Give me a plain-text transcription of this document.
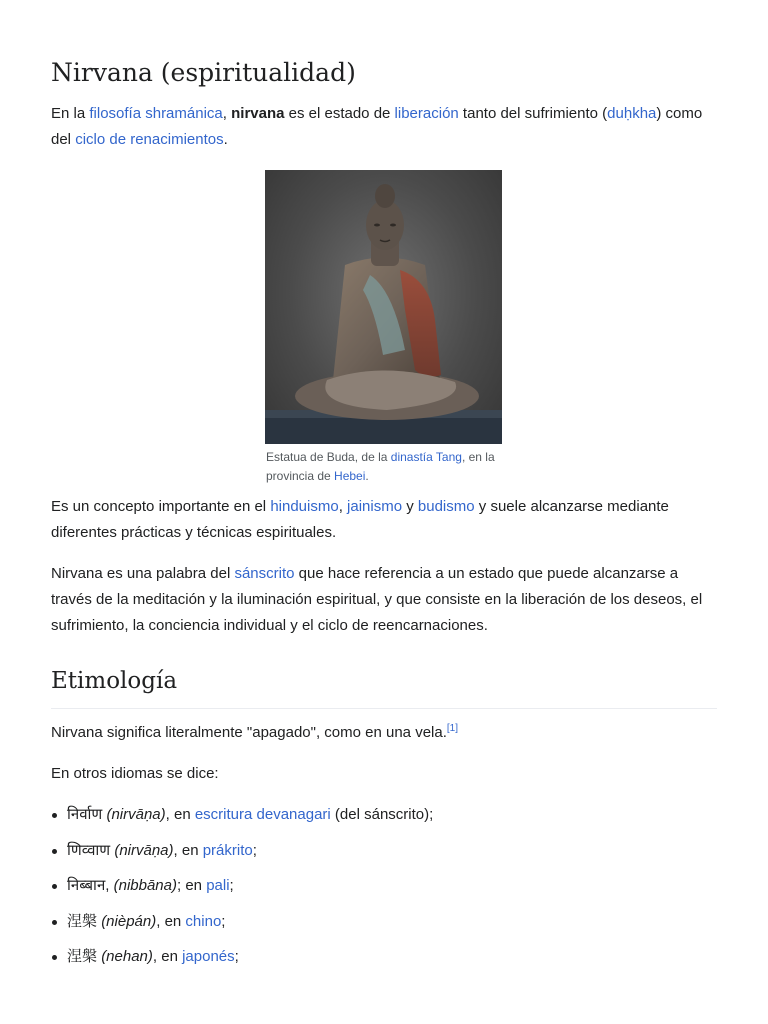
Nirvana (espiritualidad)

En la filosofía shramánica, nirvana es el estado de liberación tanto del sufrimiento (duḥkha) como del ciclo de renacimientos.

Estatua de Buda, de la dinastía Tang, en la provincia de Hebei.

Es un concepto importante en el hinduismo, jainismo y budismo y suele alcanzarse mediante diferentes prácticas y técnicas espirituales.

Nirvana es una palabra del sánscrito que hace referencia a un estado que puede alcanzarse a través de la meditación y la iluminación espiritual, y que consiste en la liberación de los deseos, el sufrimiento, la conciencia individual y el ciclo de reencarnaciones.

Etimología

Nirvana significa literalmente "apagado", como en una vela.[1]

En otros idiomas se dice:

निर्वाण (nirvāṇa), en escritura devanagari (del sánscrito);
णिव्वाण (nirvāṇa), en prákrito;
निब्बान, (nibbāna); en pali;
涅槃 (nièpán), en chino;
涅槃 (nehan), en japonés;
